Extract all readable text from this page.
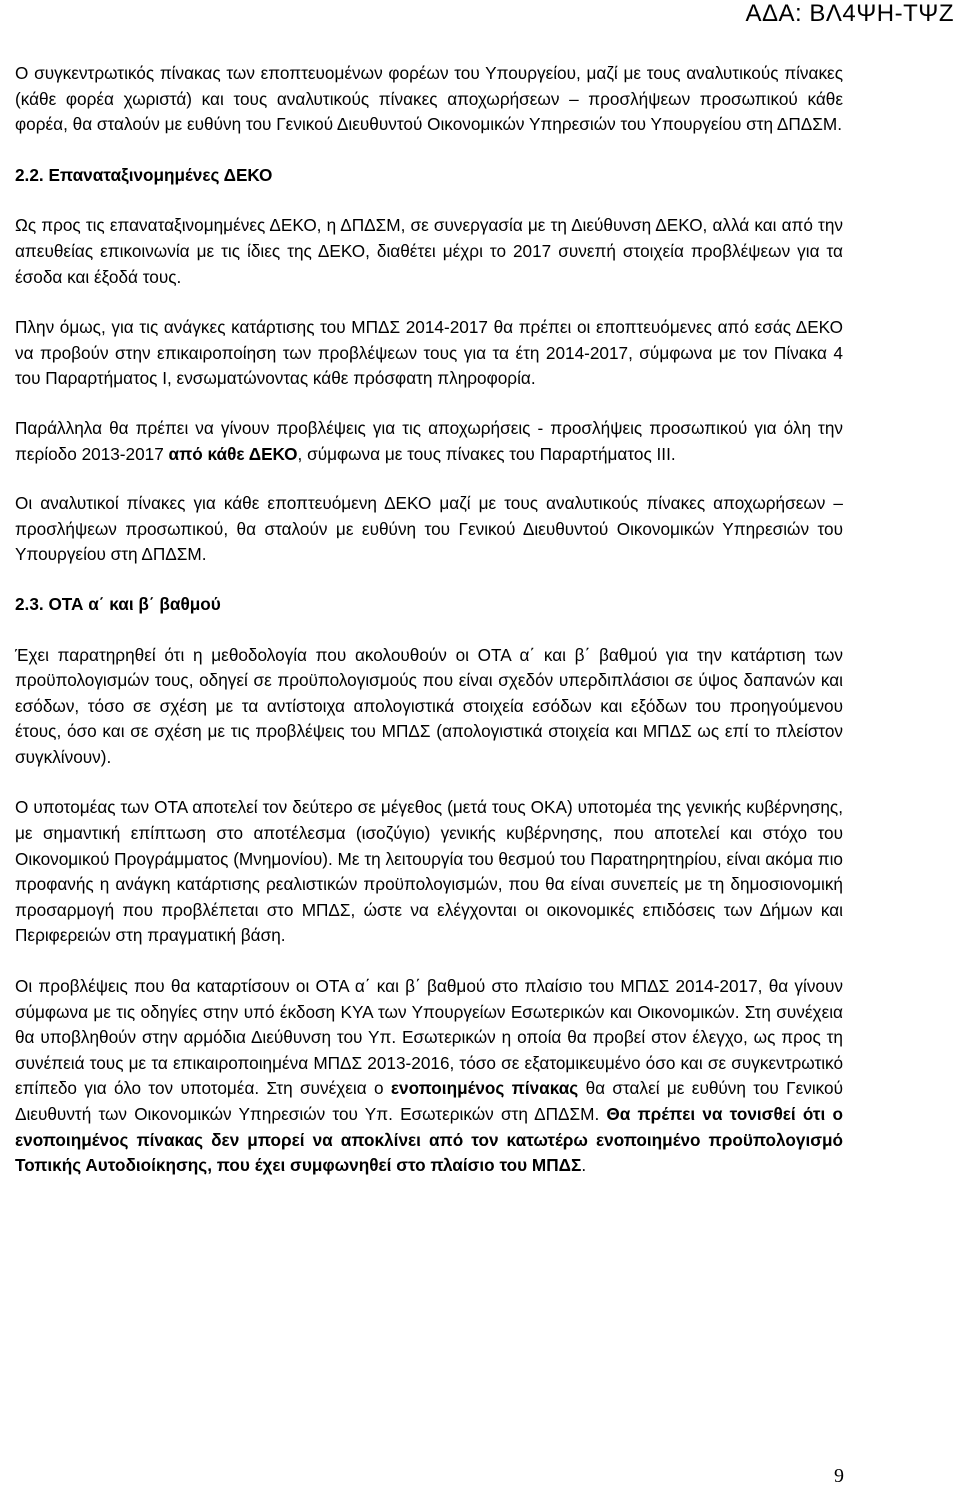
ΑΔΑ: ΒΛ4ΨΗ-ΤΨΖ

Ο συγκεντρωτικός πίνακας των εποπτευομένων φορέων του Υπουργείου, μαζί με τους αναλυτικούς πίνακες (κάθε φορέα χωριστά) και τους αναλυτικούς πίνακες αποχωρήσεων – προσλήψεων προσωπικού κάθε φορέα, θα σταλούν με ευθύνη του Γενικού Διευθυντού Οικονομικών Υπηρεσιών του Υπουργείου στη ΔΠΔΣΜ.

2.2. Επαναταξινομημένες ΔΕΚΟ

Ως προς τις επαναταξινομημένες ΔΕΚΟ, η ΔΠΔΣΜ, σε συνεργασία με τη Διεύθυνση ΔΕΚΟ, αλλά και από την απευθείας επικοινωνία με τις ίδιες της ΔΕΚΟ, διαθέτει μέχρι το 2017 συνεπή στοιχεία προβλέψεων για τα έσοδα και έξοδά τους.

Πλην όμως, για τις ανάγκες κατάρτισης του ΜΠΔΣ 2014-2017 θα πρέπει οι εποπτευόμενες από εσάς ΔΕΚΟ να προβούν στην επικαιροποίηση των προβλέψεων τους για τα έτη 2014-2017, σύμφωνα με τον Πίνακα 4 του Παραρτήματος Ι, ενσωματώνοντας κάθε πρόσφατη πληροφορία.

Παράλληλα θα πρέπει να γίνουν προβλέψεις για τις αποχωρήσεις - προσλήψεις προσωπικού για όλη την περίοδο 2013-2017 από κάθε ΔΕΚΟ, σύμφωνα με τους πίνακες του Παραρτήματος ΙΙΙ.

Οι αναλυτικοί πίνακες για κάθε εποπτευόμενη ΔΕΚΟ μαζί με τους αναλυτικούς πίνακες αποχωρήσεων – προσλήψεων προσωπικού, θα σταλούν με ευθύνη του Γενικού Διευθυντού Οικονομικών Υπηρεσιών του Υπουργείου στη ΔΠΔΣΜ.

2.3. ΟΤΑ α΄ και β΄ βαθμού

Έχει παρατηρηθεί ότι η μεθοδολογία που ακολουθούν οι ΟΤΑ α΄ και β΄ βαθμού για την κατάρτιση των προϋπολογισμών τους, οδηγεί σε προϋπολογισμούς που είναι σχεδόν υπερδιπλάσιοι σε ύψος δαπανών και εσόδων, τόσο σε σχέση με τα αντίστοιχα απολογιστικά στοιχεία εσόδων και εξόδων του προηγούμενου έτους, όσο και σε σχέση με τις προβλέψεις του ΜΠΔΣ (απολογιστικά στοιχεία και ΜΠΔΣ ως επί το πλείστον συγκλίνουν).

Ο υποτομέας των ΟΤΑ αποτελεί τον δεύτερο σε μέγεθος (μετά τους ΟΚΑ) υποτομέα της γενικής κυβέρνησης, με σημαντική επίπτωση στο αποτέλεσμα (ισοζύγιο) γενικής κυβέρνησης, που αποτελεί και στόχο του Οικονομικού Προγράμματος (Μνημονίου). Με τη λειτουργία του θεσμού του Παρατηρητηρίου, είναι ακόμα πιο προφανής η ανάγκη κατάρτισης ρεαλιστικών προϋπολογισμών, που θα είναι συνεπείς με τη δημοσιονομική προσαρμογή που προβλέπεται στο ΜΠΔΣ, ώστε να ελέγχονται οι οικονομικές επιδόσεις των Δήμων και Περιφερειών στη πραγματική βάση.

Οι προβλέψεις που θα καταρτίσουν οι ΟΤΑ α΄ και β΄ βαθμού στο πλαίσιο του ΜΠΔΣ 2014-2017, θα γίνουν σύμφωνα με τις οδηγίες στην υπό έκδοση ΚΥΑ των Υπουργείων Εσωτερικών και Οικονομικών. Στη συνέχεια θα υποβληθούν στην αρμόδια Διεύθυνση του Υπ. Εσωτερικών η οποία θα προβεί στον έλεγχο, ως προς τη συνέπειά τους με τα επικαιροποιημένα ΜΠΔΣ 2013-2016, τόσο σε εξατομικευμένο όσο και σε συγκεντρωτικό επίπεδο για όλο τον υποτομέα. Στη συνέχεια ο ενοποιημένος πίνακας θα σταλεί με ευθύνη του Γενικού Διευθυντή των Οικονομικών Υπηρεσιών του Υπ. Εσωτερικών στη ΔΠΔΣΜ. Θα πρέπει να τονισθεί ότι ο ενοποιημένος πίνακας δεν μπορεί να αποκλίνει από τον κατωτέρω ενοποιημένο προϋπολογισμό Τοπικής Αυτοδιοίκησης, που έχει συμφωνηθεί στο πλαίσιο του ΜΠΔΣ.

9
